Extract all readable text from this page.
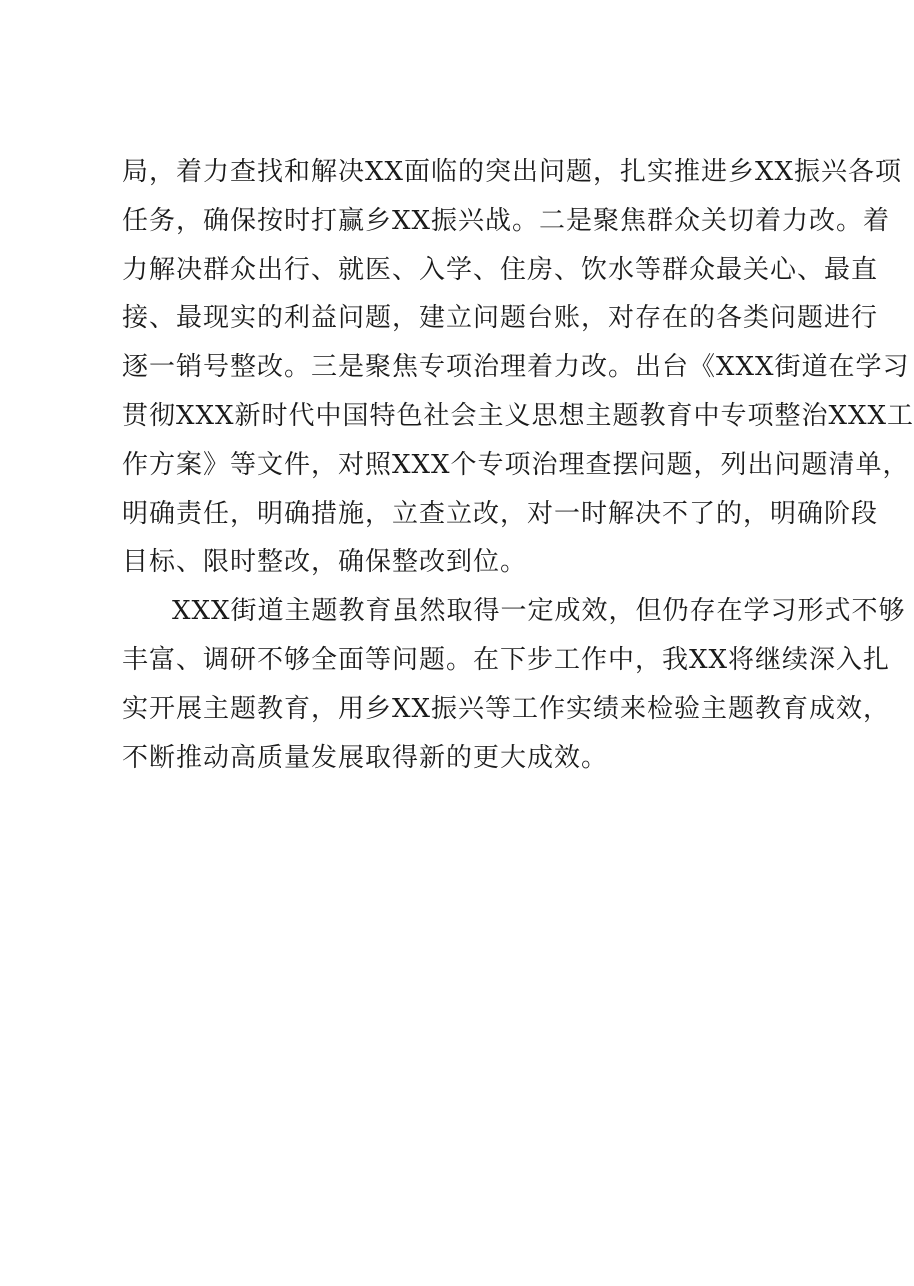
局，着力查找和解决XX面临的突出问题，扎实推进乡XX振兴各项
任务，确保按时打赢乡XX振兴战。二是聚焦群众关切着力改。着
力解决群众出行、就医、入学、住房、饮水等群众最关心、最直
接、最现实的利益问题，建立问题台账，对存在的各类问题进行
逐一销号整改。三是聚焦专项治理着力改。出台《XXX街道在学习
贯彻XXX新时代中国特色社会主义思想主题教育中专项整治XXX工
作方案》等文件，对照XXX个专项治理查摆问题，列出问题清单，
明确责任，明确措施，立查立改，对一时解决不了的，明确阶段
目标、限时整改，确保整改到位。
XXX街道主题教育虽然取得一定成效，但仍存在学习形式不够
丰富、调研不够全面等问题。在下步工作中，我XX将继续深入扎
实开展主题教育，用乡XX振兴等工作实绩来检验主题教育成效，
不断推动高质量发展取得新的更大成效。
